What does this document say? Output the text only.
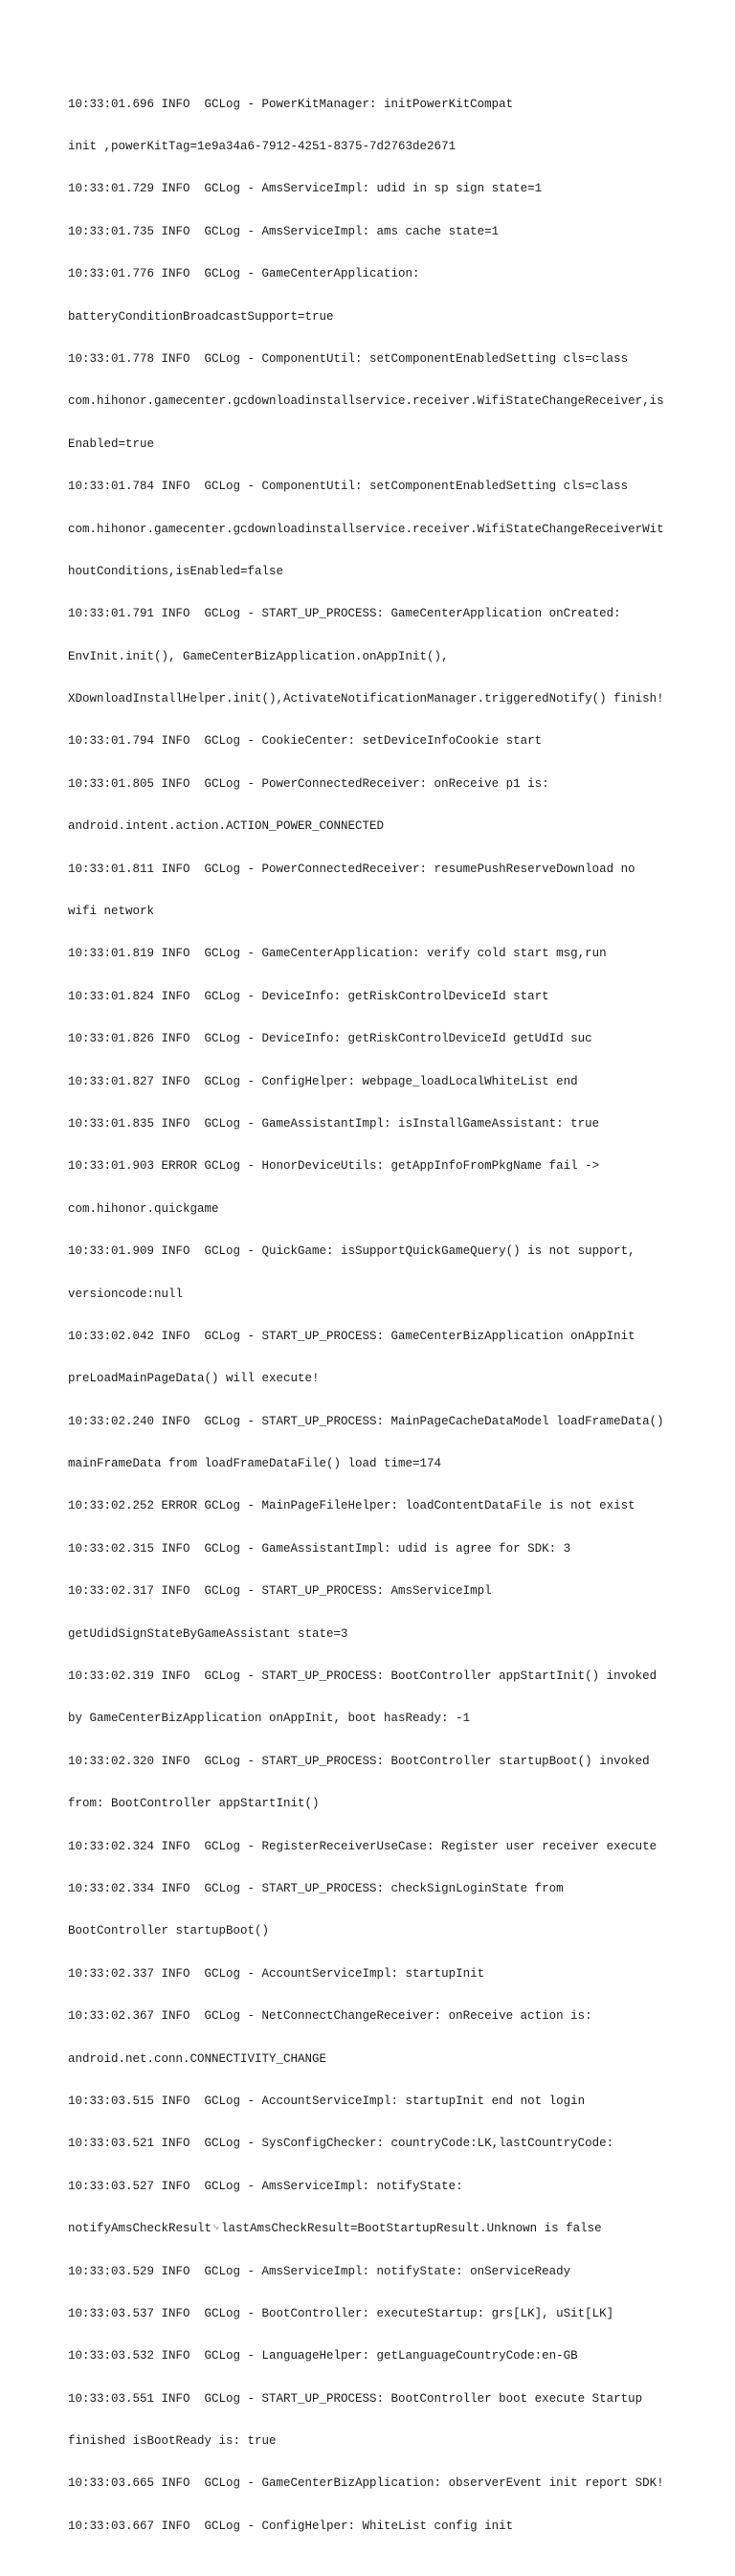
10:33:01.696 INFO  GCLog - PowerKitManager: initPowerKitCompat

init ,powerKitTag=1e9a34a6-7912-4251-8375-7d2763de2671

10:33:01.729 INFO  GCLog - AmsServiceImpl: udid in sp sign state=1

10:33:01.735 INFO  GCLog - AmsServiceImpl: ams cache state=1

10:33:01.776 INFO  GCLog - GameCenterApplication:

batteryConditionBroadcastSupport=true

10:33:01.778 INFO  GCLog - ComponentUtil: setComponentEnabledSetting cls=class

com.hihonor.gamecenter.gcdownloadinstallservice.receiver.WifiStateChangeReceiver,is

Enabled=true

10:33:01.784 INFO  GCLog - ComponentUtil: setComponentEnabledSetting cls=class

com.hihonor.gamecenter.gcdownloadinstallservice.receiver.WifiStateChangeReceiverWit

houtConditions,isEnabled=false

10:33:01.791 INFO  GCLog - START_UP_PROCESS: GameCenterApplication onCreated:

EnvInit.init(), GameCenterBizApplication.onAppInit(),

XDownloadInstallHelper.init(),ActivateNotificationManager.triggeredNotify() finish!

10:33:01.794 INFO  GCLog - CookieCenter: setDeviceInfoCookie start

10:33:01.805 INFO  GCLog - PowerConnectedReceiver: onReceive p1 is:

android.intent.action.ACTION_POWER_CONNECTED

10:33:01.811 INFO  GCLog - PowerConnectedReceiver: resumePushReserveDownload no

wifi network

10:33:01.819 INFO  GCLog - GameCenterApplication: verify cold start msg,run

10:33:01.824 INFO  GCLog - DeviceInfo: getRiskControlDeviceId start

10:33:01.826 INFO  GCLog - DeviceInfo: getRiskControlDeviceId getUdId suc

10:33:01.827 INFO  GCLog - ConfigHelper: webpage_loadLocalWhiteList end

10:33:01.835 INFO  GCLog - GameAssistantImpl: isInstallGameAssistant: true

10:33:01.903 ERROR GCLog - HonorDeviceUtils: getAppInfoFromPkgName fail ->

com.hihonor.quickgame

10:33:01.909 INFO  GCLog - QuickGame: isSupportQuickGameQuery() is not support,

versioncode:null

10:33:02.042 INFO  GCLog - START_UP_PROCESS: GameCenterBizApplication onAppInit

preLoadMainPageData() will execute!

10:33:02.240 INFO  GCLog - START_UP_PROCESS: MainPageCacheDataModel loadFrameData()

mainFrameData from loadFrameDataFile() load time=174

10:33:02.252 ERROR GCLog - MainPageFileHelper: loadContentDataFile is not exist

10:33:02.315 INFO  GCLog - GameAssistantImpl: udid is agree for SDK: 3

10:33:02.317 INFO  GCLog - START_UP_PROCESS: AmsServiceImpl

getUdidSignStateByGameAssistant state=3

10:33:02.319 INFO  GCLog - START_UP_PROCESS: BootController appStartInit() invoked

by GameCenterBizApplication onAppInit, boot hasReady: -1

10:33:02.320 INFO  GCLog - START_UP_PROCESS: BootController startupBoot() invoked

from: BootController appStartInit()

10:33:02.324 INFO  GCLog - RegisterReceiverUseCase: Register user receiver execute

10:33:02.334 INFO  GCLog - START_UP_PROCESS: checkSignLoginState from

BootController startupBoot()

10:33:02.337 INFO  GCLog - AccountServiceImpl: startupInit

10:33:02.367 INFO  GCLog - NetConnectChangeReceiver: onReceive action is:

android.net.conn.CONNECTIVITY_CHANGE

10:33:03.515 INFO  GCLog - AccountServiceImpl: startupInit end not login

10:33:03.521 INFO  GCLog - SysConfigChecker: countryCode:LK,lastCountryCode:

10:33:03.527 INFO  GCLog - AmsServiceImpl: notifyState:

notifyAmsCheckResult␊lastAmsCheckResult=BootStartupResult.Unknown is false

10:33:03.529 INFO  GCLog - AmsServiceImpl: notifyState: onServiceReady

10:33:03.537 INFO  GCLog - BootController: executeStartup: grs[LK], uSit[LK]

10:33:03.532 INFO  GCLog - LanguageHelper: getLanguageCountryCode:en-GB

10:33:03.551 INFO  GCLog - START_UP_PROCESS: BootController boot execute Startup

finished isBootReady is: true

10:33:03.665 INFO  GCLog - GameCenterBizApplication: observerEvent init report SDK!

10:33:03.667 INFO  GCLog - ConfigHelper: WhiteList config init
